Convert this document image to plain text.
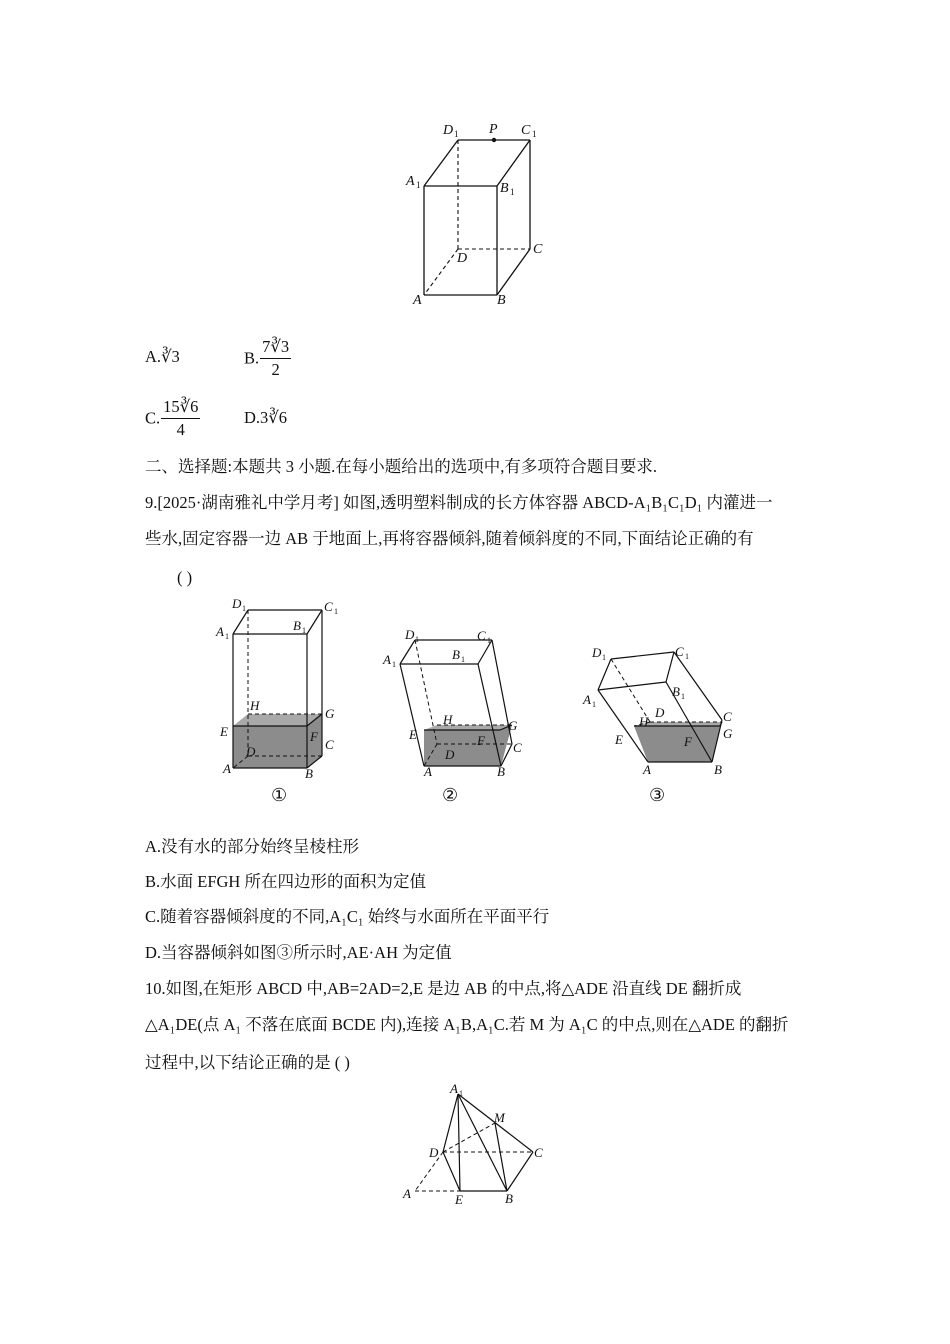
D 1 P C 1
A 1	B 1
D
C
A	B
A.∛3	B. $\frac{7∛3}{2}$
C. $\frac{15∛6}{4}$	D.3∛6
二、选择题:本题共 3 小题.在每小题给出的选项中,有多项符合题目要求.
9.[2025·湖南雅礼中学月考] 如图,透明塑料制成的长方体容器 ABCD-A₁B₁C₁D₁ 内灌进一
些水,固定容器一边 AB 于地面上,再将容器倾斜,随着倾斜度的不同,下面结论正确的有
( )
D 1	C 1
A 1
B 1
H
G
E	F
D	C
A	B
①
D 1	C 1
A 1
B 1
H	G
E	F
D	C
A	B
②
D 1	C 1
A 1
B 1
D
H	C
G
E	F
A	B
③
A.没有水的部分始终呈棱柱形
B.水面 EFGH 所在四边形的面积为定值
C.随着容器倾斜度的不同,A₁C₁ 始终与水面所在平面平行
D.当容器倾斜如图③所示时,AE·AH 为定值
10.如图,在矩形 ABCD 中,AB=2AD=2,E 是边 AB 的中点,将△ADE 沿直线 DE 翻折成
△A₁DE(点 A₁ 不落在底面 BCDE 内),连接 A₁B,A₁C.若 M 为 A₁C 的中点,则在△ADE 的翻折
过程中,以下结论正确的是 ( )
A 1
M
D	C
A	E	B
